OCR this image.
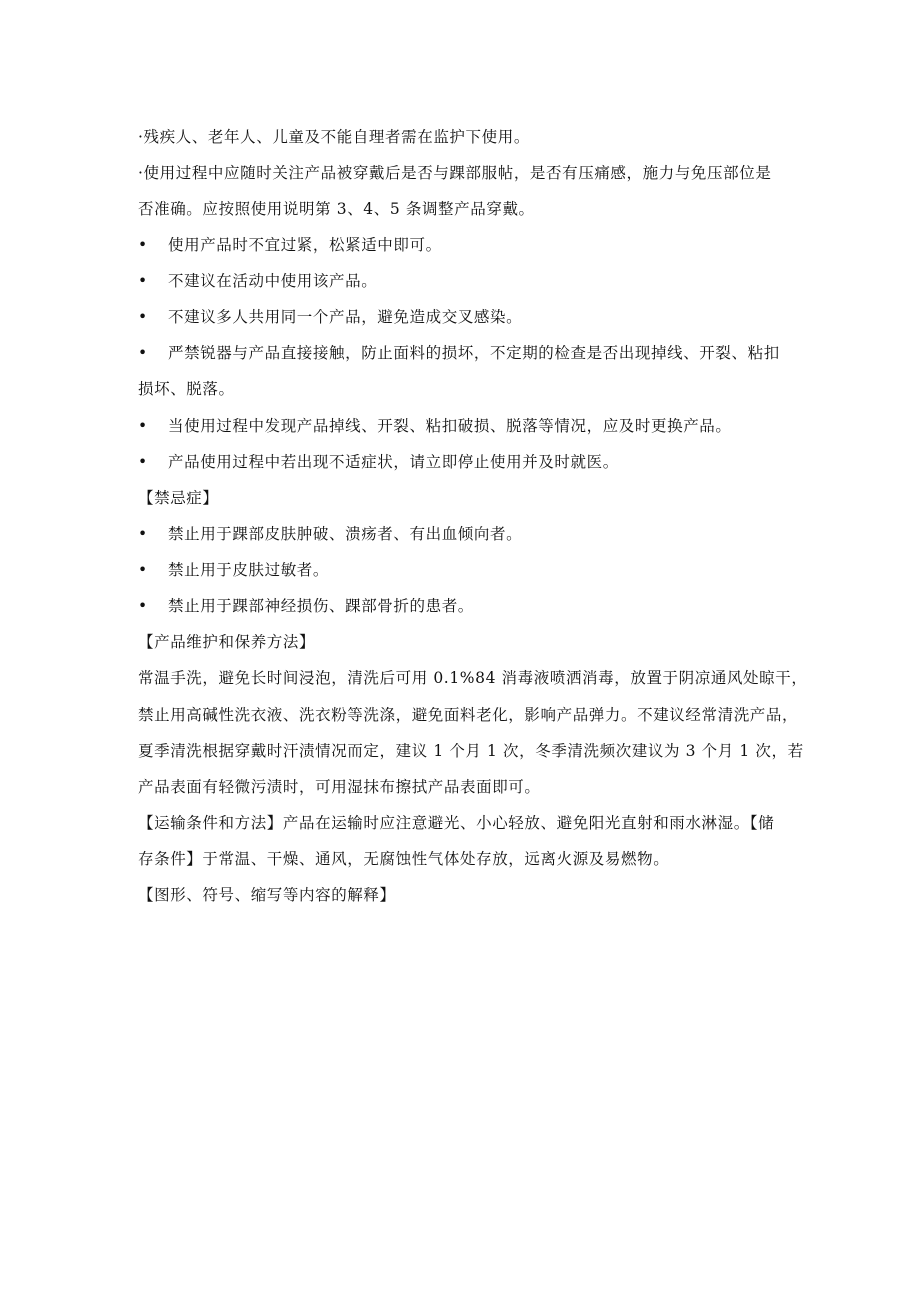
·残疾人、老年人、儿童及不能自理者需在监护下使用。
·使用过程中应随时关注产品被穿戴后是否与踝部服帖，是否有压痛感，施力与免压部位是
否准确。应按照使用说明第 3、4、5 条调整产品穿戴。
• 使用产品时不宜过紧，松紧适中即可。
• 不建议在活动中使用该产品。
• 不建议多人共用同一个产品，避免造成交叉感染。
• 严禁锐器与产品直接接触，防止面料的损坏，不定期的检查是否出现掉线、开裂、粘扣
损坏、脱落。
• 当使用过程中发现产品掉线、开裂、粘扣破损、脱落等情况，应及时更换产品。
• 产品使用过程中若出现不适症状，请立即停止使用并及时就医。
【禁忌症】
• 禁止用于踝部皮肤肿破、溃疡者、有出血倾向者。
• 禁止用于皮肤过敏者。
• 禁止用于踝部神经损伤、踝部骨折的患者。
【产品维护和保养方法】
常温手洗，避免长时间浸泡，清洗后可用 0.1%84 消毒液喷洒消毒，放置于阴凉通风处晾干，
禁止用高碱性洗衣液、洗衣粉等洗涤，避免面料老化，影响产品弹力。不建议经常清洗产品，
夏季清洗根据穿戴时汗渍情况而定，建议 1 个月 1 次，冬季清洗频次建议为 3 个月 1 次，若
产品表面有轻微污渍时，可用湿抹布擦拭产品表面即可。
【运输条件和方法】产品在运输时应注意避光、小心轻放、避免阳光直射和雨水淋湿。【储
存条件】于常温、干燥、通风，无腐蚀性气体处存放，远离火源及易燃物。
【图形、符号、缩写等内容的解释】
